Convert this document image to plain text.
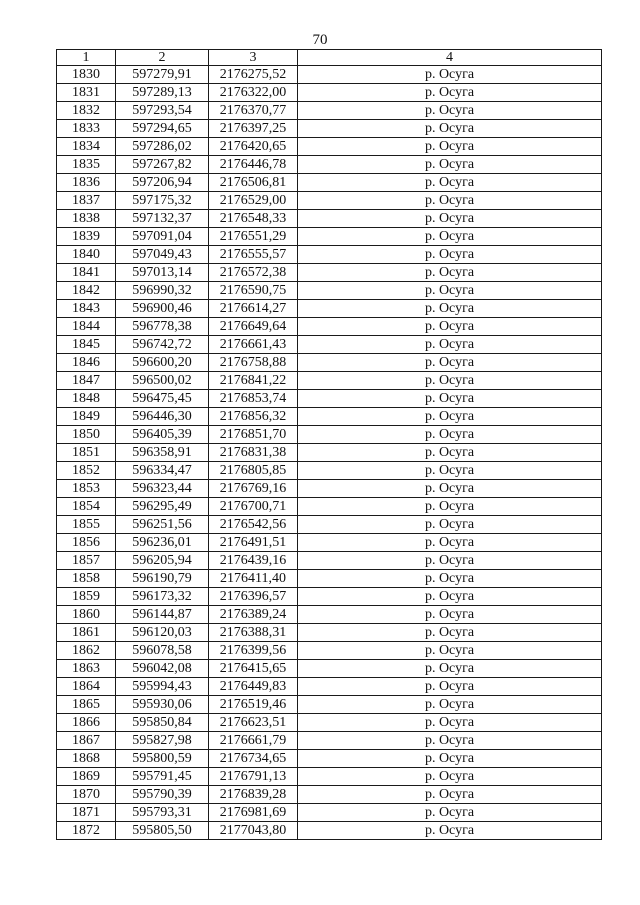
70
1	2	3	4
1830	597279,91	2176275,52	р. Осуга
1831	597289,13	2176322,00	р. Осуга
1832	597293,54	2176370,77	р. Осуга
1833	597294,65	2176397,25	р. Осуга
1834	597286,02	2176420,65	р. Осуга
1835	597267,82	2176446,78	р. Осуга
1836	597206,94	2176506,81	р. Осуга
1837	597175,32	2176529,00	р. Осуга
1838	597132,37	2176548,33	р. Осуга
1839	597091,04	2176551,29	р. Осуга
1840	597049,43	2176555,57	р. Осуга
1841	597013,14	2176572,38	р. Осуга
1842	596990,32	2176590,75	р. Осуга
1843	596900,46	2176614,27	р. Осуга
1844	596778,38	2176649,64	р. Осуга
1845	596742,72	2176661,43	р. Осуга
1846	596600,20	2176758,88	р. Осуга
1847	596500,02	2176841,22	р. Осуга
1848	596475,45	2176853,74	р. Осуга
1849	596446,30	2176856,32	р. Осуга
1850	596405,39	2176851,70	р. Осуга
1851	596358,91	2176831,38	р. Осуга
1852	596334,47	2176805,85	р. Осуга
1853	596323,44	2176769,16	р. Осуга
1854	596295,49	2176700,71	р. Осуга
1855	596251,56	2176542,56	р. Осуга
1856	596236,01	2176491,51	р. Осуга
1857	596205,94	2176439,16	р. Осуга
1858	596190,79	2176411,40	р. Осуга
1859	596173,32	2176396,57	р. Осуга
1860	596144,87	2176389,24	р. Осуга
1861	596120,03	2176388,31	р. Осуга
1862	596078,58	2176399,56	р. Осуга
1863	596042,08	2176415,65	р. Осуга
1864	595994,43	2176449,83	р. Осуга
1865	595930,06	2176519,46	р. Осуга
1866	595850,84	2176623,51	р. Осуга
1867	595827,98	2176661,79	р. Осуга
1868	595800,59	2176734,65	р. Осуга
1869	595791,45	2176791,13	р. Осуга
1870	595790,39	2176839,28	р. Осуга
1871	595793,31	2176981,69	р. Осуга
1872	595805,50	2177043,80	р. Осуга
